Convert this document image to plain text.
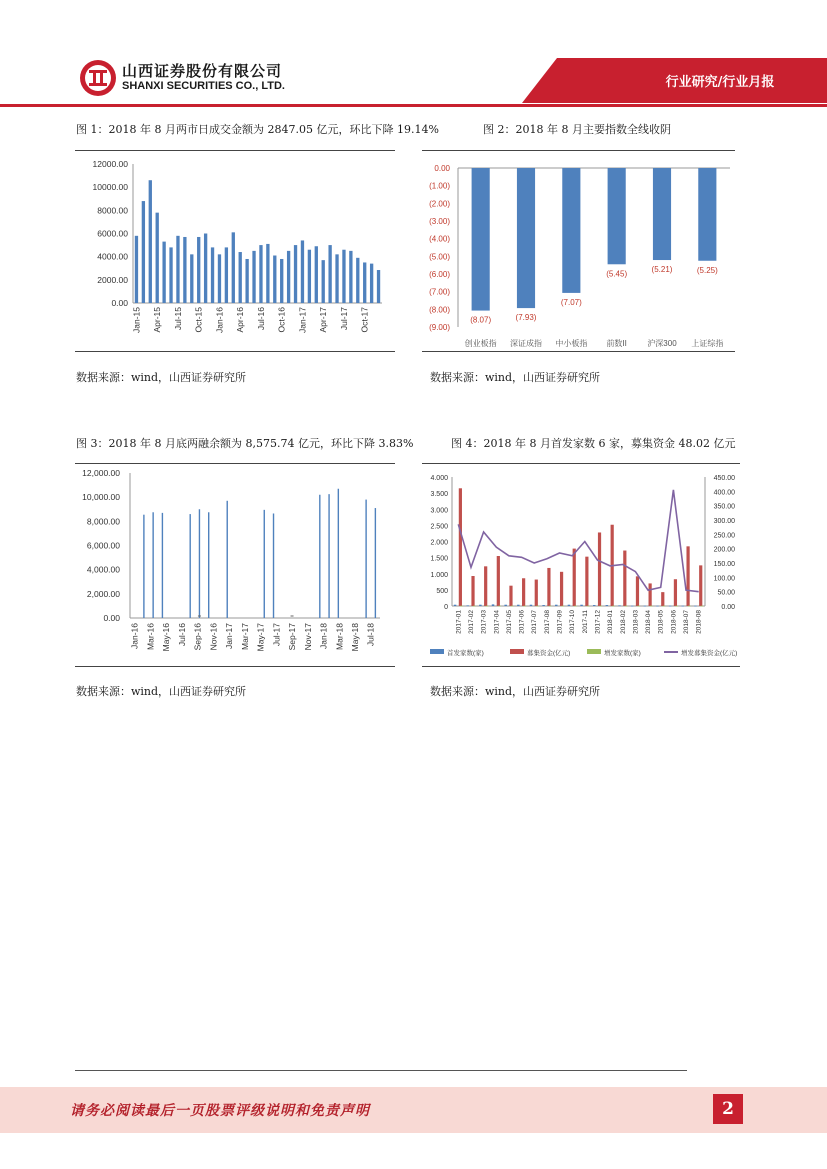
山西证券股份有限公司
SHANXI SECURITIES CO., LTD.	行业研究/行业月报
图 1：2018 年 8 月两市日成交金额为 2847.05 亿元，环比下降 19.14%
0.00
2000.00
4000.00
6000.00
8000.00
10000.00
12000.00
Jan-15 Apr-15 Jul-15 Oct-15 Jan-16 Apr-16 Jul-16 Oct-16 Jan-17 Apr-17 Jul-17 Oct-17
数据来源：wind，山西证券研究所
图 2：2018 年 8 月主要指数全线收阴
0.00
(1.00)
(2.00)
(3.00)
(4.00)
(5.00)
(6.00)
(7.00)
(8.00)
(9.00)
(8.07)
创业板指
(7.93)
深证成指
(7.07)
中小板指
(5.45)
前数II
(5.21)
沪深300
(5.25)
上证综指
数据来源：wind，山西证券研究所
图 3：2018 年 8 月底两融余额为 8,575.74 亿元，环比下降 3.83%
0.00
2,000.00
4,000.00
6,000.00
8,000.00
10,000.00
12,000.00
Jan-16 Mar-16 May-16 Jul-16 Sep-16 Nov-16 Jan-17 Mar-17 May-17 Jul-17 Sep-17 Nov-17 Jan-18 Mar-18 May-18 Jul-18
数据来源：wind，山西证券研究所
图 4：2018 年 8 月首发家数 6 家，募集资金 48.02 亿元
0
500
1.000
1.500
2.000
2.500
3.000
3.500
4.000
0.00
50.00
100.00
150.00
200.00
250.00
300.00
350.00
400.00
450.00
2017-01 2017-02 2017-03 2017-04 2017-05 2017-06 2017-07 2017-08 2017-09 2017-10 2017-11 2017-12 2018-01 2018-02 2018-03 2018-04 2018-05 2018-06 2018-07 2018-08
首发家数(家)	募集资金(亿元)	增发家数(家)	增发募集资金(亿元)
数据来源：wind，山西证券研究所
请务必阅读最后一页股票评级说明和免责声明	2
